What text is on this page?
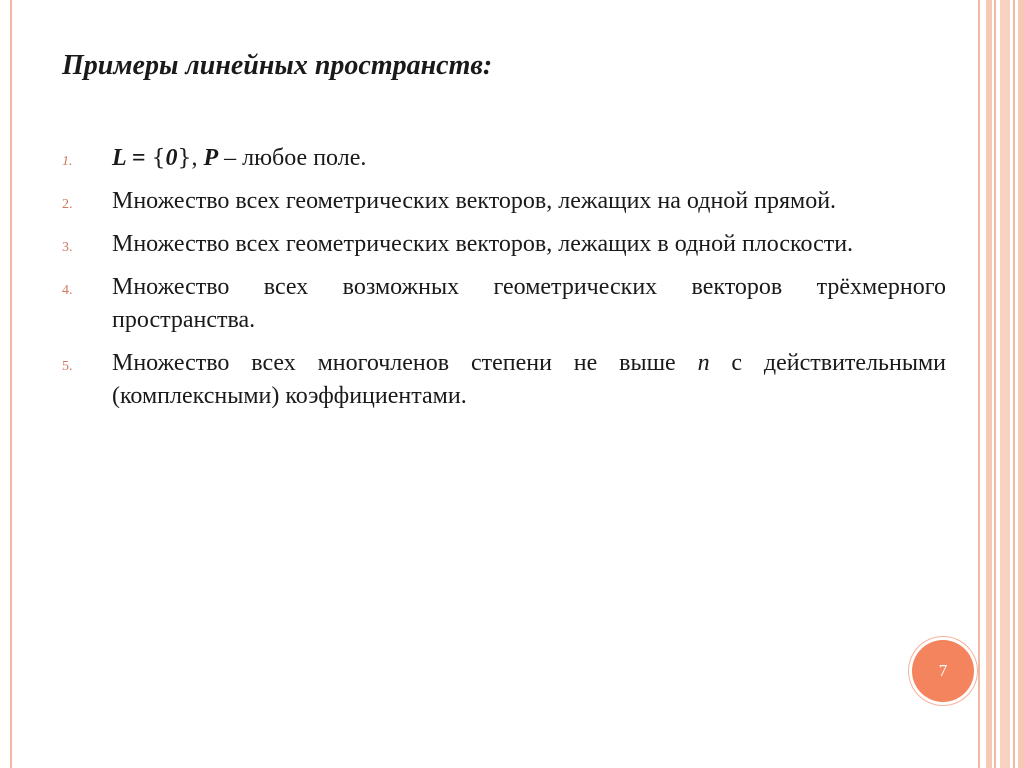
Примеры линейных пространств:
1. L = {0}, P – любое поле.
2. Множество всех геометрических векторов, лежащих на одной прямой.
3. Множество всех геометрических векторов, лежащих в одной плоскости.
4. Множество всех возможных геометрических векторов трёхмерного пространства.
5. Множество всех многочленов степени не выше n с действительными (комплексными) коэффициентами.
7
